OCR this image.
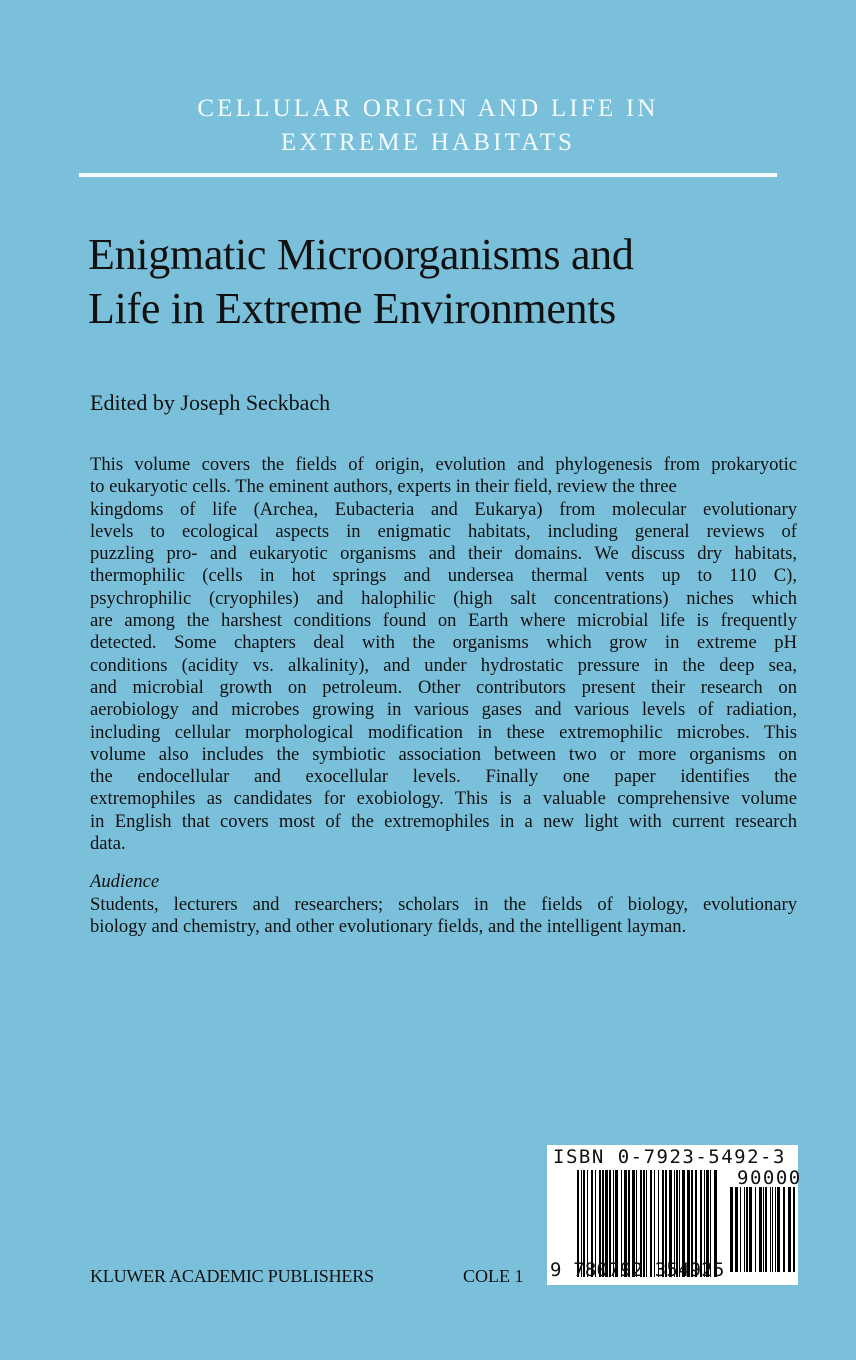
CELLULAR ORIGIN AND LIFE IN
EXTREME HABITATS
Enigmatic Microorganisms and
Life in Extreme Environments
Edited by Joseph Seckbach
This volume covers the fields of origin, evolution and phylogenesis from prokaryotic
to eukaryotic cells. The eminent authors, experts in their field, review the three
kingdoms of life (Archea, Eubacteria and Eukarya) from molecular evolutionary
levels to ecological aspects in enigmatic habitats, including general reviews of
puzzling pro- and eukaryotic organisms and their domains. We discuss dry habitats,
thermophilic (cells in hot springs and undersea thermal vents up to 110 C),
psychrophilic (cryophiles) and halophilic (high salt concentrations) niches which
are among the harshest conditions found on Earth where microbial life is frequently
detected. Some chapters deal with the organisms which grow in extreme pH
conditions (acidity vs. alkalinity), and under hydrostatic pressure in the deep sea,
and microbial growth on petroleum. Other contributors present their research on
aerobiology and microbes growing in various gases and various levels of radiation,
including cellular morphological modification in these extremophilic microbes. This
volume also includes the symbiotic association between two or more organisms on
the endocellular and exocellular levels. Finally one paper identifies the
extremophiles as candidates for exobiology. This is a valuable comprehensive volume
in English that covers most of the extremophiles in a new light with current research
data.
Audience
Students, lecturers and researchers; scholars in the fields of biology, evolutionary
biology and chemistry, and other evolutionary fields, and the intelligent layman.
KLUWER ACADEMIC PUBLISHERS	COLE 1
ISBN 0-7923-5492-3
90000
9 780792 354925
